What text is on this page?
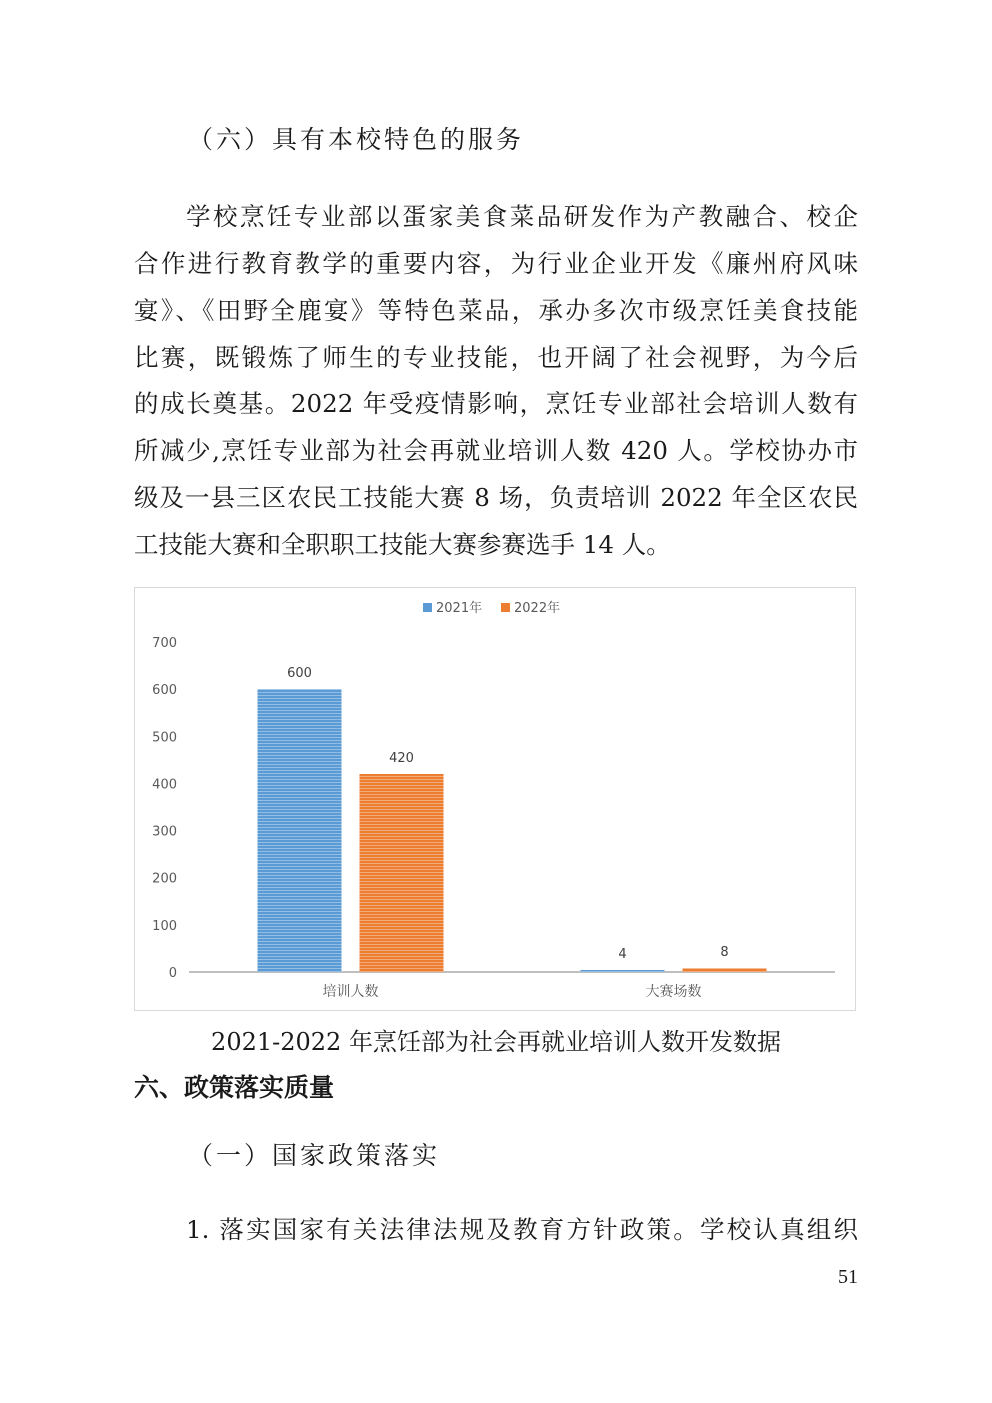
（六）具有本校特色的服务
学校烹饪专业部以蛋家美食菜品研发作为产教融合、校企
合作进行教育教学的重要内容，为行业企业开发《廉州府风味
宴》、《田野全鹿宴》等特色菜品，承办多次市级烹饪美食技能
比赛，既锻炼了师生的专业技能，也开阔了社会视野，为今后
的成长奠基。2022 年受疫情影响，烹饪专业部社会培训人数有
所减少,烹饪专业部为社会再就业培训人数 420 人。学校协办市
级及一县三区农民工技能大赛 8 场，负责培训 2022 年全区农民
工技能大赛和全职职工技能大赛参赛选手 14 人。
0
100
200
300
400
500
600
700
600
420
培训人数
4	8
大赛场数
2021年 2022年
2021-2022 年烹饪部为社会再就业培训人数开发数据
六、政策落实质量
（一）国家政策落实
1. 落实国家有关法律法规及教育方针政策。学校认真组织
51
